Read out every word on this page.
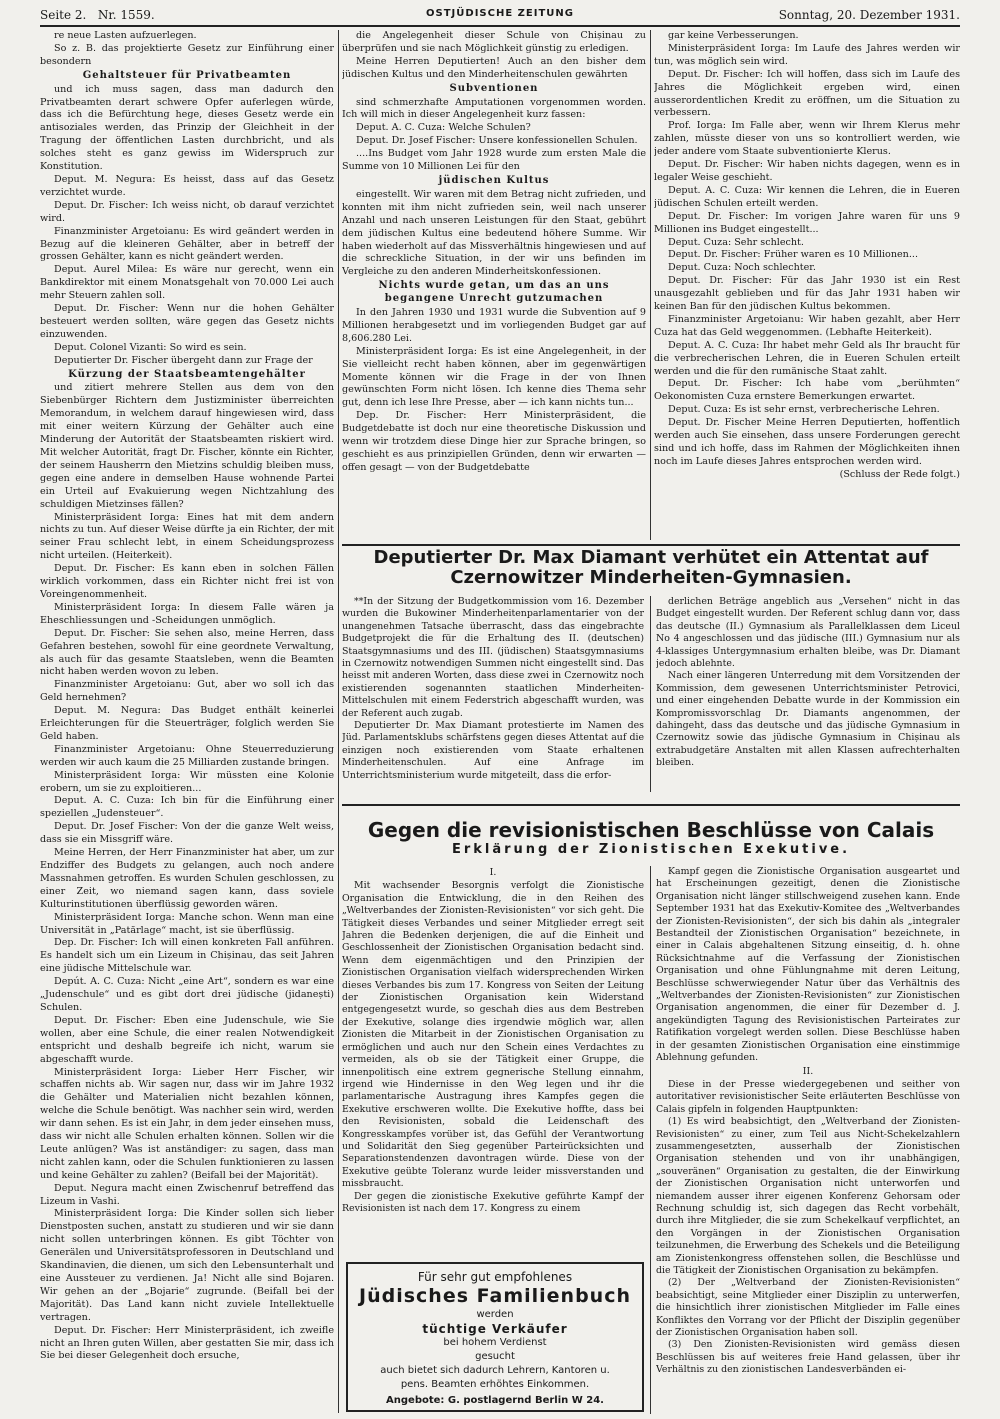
Seite 2. Nr. 1559.	OSTJÜDISCHE ZEITUNG	Sonntag, 20. Dezember 1931.

re neue Lasten aufzuerlegen.

So z. B. das projektierte Gesetz zur Einführung einer besondern

Gehaltsteuer für Privatbeamten

und ich muss sagen, dass man dadurch den Privatbeamten derart schwere Opfer auferlegen würde, dass ich die Befürchtung hege, dieses Gesetz werde ein antisoziales werden, das Prinzip der Gleichheit in der Tragung der öffentlichen Lasten durchbricht, und als solches steht es ganz gewiss im Widerspruch zur Konstitution.

Deput. M. Negura: Es heisst, dass auf das Gesetz verzichtet wurde.

Deput. Dr. Fischer: Ich weiss nicht, ob darauf verzichtet wird.

Finanzminister Argetoianu: Es wird geändert werden in Bezug auf die kleineren Gehälter, aber in betreff der grossen Gehälter, kann es nicht geändert werden.

Deput. Aurel Milea: Es wäre nur gerecht, wenn ein Bankdirektor mit einem Monatsgehalt von 70.000 Lei auch mehr Steuern zahlen soll.

Deput. Dr. Fischer: Wenn nur die hohen Gehälter besteuert werden sollten, wäre gegen das Gesetz nichts einzuwenden.

Deput. Colonel Vizanti: So wird es sein.

Deputierter Dr. Fischer übergeht dann zur Frage der

Kürzung der Staatsbeamtengehälter

und zitiert mehrere Stellen aus dem von den Siebenbürger Richtern dem Justizminister überreichten Memorandum, in welchem darauf hingewiesen wird, dass mit einer weitern Kürzung der Gehälter auch eine Minderung der Autorität der Staatsbeamten riskiert wird. Mit welcher Autorität, fragt Dr. Fischer, könnte ein Richter, der seinem Hausherrn den Mietzins schuldig bleiben muss, gegen eine andere in demselben Hause wohnende Partei ein Urteil auf Evakuierung wegen Nichtzahlung des schuldigen Mietzinses fällen?

Ministerpräsident Iorga: Eines hat mit dem andern nichts zu tun. Auf dieser Weise dürfte ja ein Richter, der mit seiner Frau schlecht lebt, in einem Scheidungsprozess nicht urteilen. (Heiterkeit).

Deput. Dr. Fischer: Es kann eben in solchen Fällen wirklich vorkommen, dass ein Richter nicht frei ist von Voreingenommenheit.

Ministerpräsident Iorga: In diesem Falle wären ja Eheschliessungen und -Scheidungen unmöglich.

Deput. Dr. Fischer: Sie sehen also, meine Herren, dass Gefahren bestehen, sowohl für eine geordnete Verwaltung, als auch für das gesamte Staatsleben, wenn die Beamten nicht haben werden wovon zu leben.

Finanzminister Argetoianu: Gut, aber wo soll ich das Geld hernehmen?

Deput. M. Negura: Das Budget enthält keinerlei Erleichterungen für die Steuerträger, folglich werden Sie Geld haben.

Finanzminister Argetoianu: Ohne Steuerreduzierung werden wir auch kaum die 25 Milliarden zustande bringen.

Ministerpräsident Iorga: Wir müssten eine Kolonie erobern, um sie zu exploitieren...

Deput. A. C. Cuza: Ich bin für die Einführung einer speziellen „Judensteuer“.

Deput. Dr. Josef Fischer: Von der die ganze Welt weiss, dass sie ein Missgriff wäre.

Meine Herren, der Herr Finanzminister hat aber, um zur Endziffer des Budgets zu gelangen, auch noch andere Massnahmen getroffen. Es wurden Schulen geschlossen, zu einer Zeit, wo niemand sagen kann, dass soviele Kulturinstitutionen überflüssig geworden wären.

Ministerpräsident Iorga: Manche schon. Wenn man eine Universität in „Patărlage“ macht, ist sie überflüssig.

Dep. Dr. Fischer: Ich will einen konkreten Fall anführen. Es handelt sich um ein Lizeum in Chișinau, das seit Jahren eine jüdische Mittelschule war.

Depút. A. C. Cuza: Nicht „eine Art“, sondern es war eine „Judenschule“ und es gibt dort drei jüdische (jidanești) Schulen.

Deput. Dr. Fischer: Eben eine Judenschule, wie Sie wollen, aber eine Schule, die einer realen Notwendigkeit entspricht und deshalb begreife ich nicht, warum sie abgeschafft wurde.

Ministerpräsident Iorga: Lieber Herr Fischer, wir schaffen nichts ab. Wir sagen nur, dass wir im Jahre 1932 die Gehälter und Materialien nicht bezahlen können, welche die Schule benötigt. Was nachher sein wird, werden wir dann sehen. Es ist ein Jahr, in dem jeder einsehen muss, dass wir nicht alle Schulen erhalten können. Sollen wir die Leute anlügen? Was ist anständiger: zu sagen, dass man nicht zahlen kann, oder die Schulen funktionieren zu lassen und keine Gehälter zu zahlen? (Beifall bei der Majorität).

Deput. Negura macht einen Zwischenruf betreffend das Lizeum in Vashi.

Ministerpräsident Iorga: Die Kinder sollen sich lieber Dienstposten suchen, anstatt zu studieren und wir sie dann nicht sollen unterbringen können. Es gibt Töchter von Generälen und Universitätsprofessoren in Deutschland und Skandinavien, die dienen, um sich den Lebensunterhalt und eine Aussteuer zu verdienen. Ja! Nicht alle sind Bojaren. Wir gehen an der „Bojarie“ zugrunde. (Beifall bei der Majorität). Das Land kann nicht zuviele Intellektuelle vertragen.

Deput. Dr. Fischer: Herr Ministerpräsident, ich zweifle nicht an Ihren guten Willen, aber gestatten Sie mir, dass ich Sie bei dieser Gelegenheit doch ersuche,

die Angelegenheit dieser Schule von Chișinau zu überprüfen und sie nach Möglichkeit günstig zu erledigen.

Meine Herren Deputierten! Auch an den bisher dem jüdischen Kultus und den Minderheitenschulen gewährten

Subventionen

sind schmerzhafte Amputationen vorgenommen worden. Ich will mich in dieser Angelegenheit kurz fassen:

Deput. A. C. Cuza: Welche Schulen?

Deput. Dr. Josef Fischer: Unsere konfessionellen Schulen.

....Ins Budget vom Jahr 1928 wurde zum ersten Male die Summe von 10 Millionen Lei für den

jüdischen Kultus

eingestellt. Wir waren mit dem Betrag nicht zufrieden, und konnten mit ihm nicht zufrieden sein, weil nach unserer Anzahl und nach unseren Leistungen für den Staat, gebührt dem jüdischen Kultus eine bedeutend höhere Summe. Wir haben wiederholt auf das Missverhältnis hingewiesen und auf die schreckliche Situation, in der wir uns befinden im Vergleiche zu den anderen Minderheitskonfessionen.

Nichts wurde getan, um das an uns begangene Unrecht gutzumachen

In den Jahren 1930 und 1931 wurde die Subvention auf 9 Millionen herabgesetzt und im vorliegenden Budget gar auf 8,606.280 Lei.

Ministerpräsident Iorga: Es ist eine Angelegenheit, in der Sie vielleicht recht haben können, aber im gegenwärtigen Momente können wir die Frage in der von Ihnen gewünschten Form nicht lösen. Ich kenne dies Thema sehr gut, denn ich lese Ihre Presse, aber — ich kann nichts tun...

Dep. Dr. Fischer: Herr Ministerpräsident, die Budgetdebatte ist doch nur eine theoretische Diskussion und wenn wir trotzdem diese Dinge hier zur Sprache bringen, so geschieht es aus prinzipiellen Gründen, denn wir erwarten — offen gesagt — von der Budgetdebatte

gar keine Verbesserungen.

Ministerpräsident Iorga: Im Laufe des Jahres werden wir tun, was möglich sein wird.

Deput. Dr. Fischer: Ich will hoffen, dass sich im Laufe des Jahres die Möglichkeit ergeben wird, einen ausserordentlichen Kredit zu eröffnen, um die Situation zu verbessern.

Prof. Iorga: Im Falle aber, wenn wir Ihrem Klerus mehr zahlen, müsste dieser von uns so kontrolliert werden, wie jeder andere vom Staate subventionierte Klerus.

Deput. Dr. Fischer: Wir haben nichts dagegen, wenn es in legaler Weise geschieht.

Deput. A. C. Cuza: Wir kennen die Lehren, die in Eueren jüdischen Schulen erteilt werden.

Deput. Dr. Fischer: Im vorigen Jahre waren für uns 9 Millionen ins Budget eingestellt...

Deput. Cuza: Sehr schlecht.

Deput. Dr. Fischer: Früher waren es 10 Millionen...

Deput. Cuza: Noch schlechter.

Deput. Dr. Fischer: Für das Jahr 1930 ist ein Rest unausgezahlt geblieben und für das Jahr 1931 haben wir keinen Ban für den jüdischen Kultus bekommen.

Finanzminister Argetoianu: Wir haben gezahlt, aber Herr Cuza hat das Geld weggenommen. (Lebhafte Heiterkeit).

Deput. A. C. Cuza: Ihr habet mehr Geld als Ihr braucht für die verbrecherischen Lehren, die in Eueren Schulen erteilt werden und die für den rumänische Staat zahlt.

Deput. Dr. Fischer: Ich habe vom „berühmten“ Oekonomisten Cuza ernstere Bemerkungen erwartet.

Deput. Cuza: Es ist sehr ernst, verbrecherische Lehren.

Deput. Dr. Fischer Meine Herren Deputierten, hoffentlich werden auch Sie einsehen, dass unsere Forderungen gerecht sind und ich hoffe, dass im Rahmen der Möglichkeiten ihnen noch im Laufe dieses Jahres entsprochen werden wird.

(Schluss der Rede folgt.)

Deputierter Dr. Max Diamant verhütet ein Attentat auf Czernowitzer Minderheiten-Gymnasien.

**In der Sitzung der Budgetkommission vom 16. Dezember wurden die Bukowiner Minderheitenparlamentarier von der unangenehmen Tatsache überrascht, dass das eingebrachte Budgetprojekt die für die Erhaltung des II. (deutschen) Staatsgymnasiums und des III. (jüdischen) Staatsgymnasiums in Czernowitz notwendigen Summen nicht eingestellt sind. Das heisst mit anderen Worten, dass diese zwei in Czernowitz noch existierenden sogenannten staatlichen Minderheiten-Mittelschulen mit einem Federstrich abgeschafft wurden, was der Referent auch zugab.

Deputierter Dr. Max Diamant protestierte im Namen des Jüd. Parlamentsklubs schärfstens gegen dieses Attentat auf die einzigen noch existierenden vom Staate erhaltenen Minderheitenschulen. Auf eine Anfrage im Unterrichtsministerium wurde mitgeteilt, dass die erfor-

derlichen Beträge angeblich aus „Versehen“ nicht in das Budget eingestellt wurden. Der Referent schlug dann vor, dass das deutsche (II.) Gymnasium als Parallelklassen dem Liceul No 4 angeschlossen und das jüdische (III.) Gymnasium nur als 4-klassiges Untergymnasium erhalten bleibe, was Dr. Diamant jedoch ablehnte.

Nach einer längeren Unterredung mit dem Vorsitzenden der Kommission, dem gewesenen Unterrichtsminister Petrovici, und einer eingehenden Debatte wurde in der Kommission ein Kompromissvorschlag Dr. Diamants angenommen, der dahingeht, dass das deutsche und das jüdische Gymnasium in Czernowitz sowie das jüdische Gymnasium in Chișinau als extrabudgetäre Anstalten mit allen Klassen aufrechterhalten bleiben.

Gegen die revisionistischen Beschlüsse von Calais
Erklärung der Zionistischen Exekutive.

I.

Mit wachsender Besorgnis verfolgt die Zionistische Organisation die Entwicklung, die in den Reihen des „Weltverbandes der Zionisten-Revisionisten“ vor sich geht. Die Tätigkeit dieses Verbandes und seiner Mitglieder erregt seit Jahren die Bedenken derjenigen, die auf die Einheit und Geschlossenheit der Zionistischen Organisation bedacht sind. Wenn dem eigenmächtigen und den Prinzipien der Zionistischen Organisation vielfach widersprechenden Wirken dieses Verbandes bis zum 17. Kongress von Seiten der Leitung der Zionistischen Organisation kein Widerstand entgegengesetzt wurde, so geschah dies aus dem Bestreben der Exekutive, solange dies irgendwie möglich war, allen Zionisten die Mitarbeit in der Zionistischen Organisation zu ermöglichen und auch nur den Schein eines Verdachtes zu vermeiden, als ob sie der Tätigkeit einer Gruppe, die innenpolitisch eine extrem gegnerische Stellung einnahm, irgend wie Hindernisse in den Weg legen und ihr die parlamentarische Austragung ihres Kampfes gegen die Exekutive erschweren wollte. Die Exekutive hoffte, dass bei den Revisionisten, sobald die Leidenschaft des Kongresskampfes vorüber ist, das Gefühl der Verantwortung und Solidarität den Sieg gegenüber Parteirücksichten und Separationstendenzen davontragen würde. Diese von der Exekutive geübte Toleranz wurde leider missverstanden und missbraucht.

Der gegen die zionistische Exekutive geführte Kampf der Revisionisten ist nach dem 17. Kongress zu einem

Kampf gegen die Zionistische Organisation ausgeartet und hat Erscheinungen gezeitigt, denen die Zionistische Organisation nicht länger stillschweigend zusehen kann. Ende September 1931 hat das Exekutiv-Komitee des „Weltverbandes der Zionisten-Revisionisten“, der sich bis dahin als „integraler Bestandteil der Zionistischen Organisation“ bezeichnete, in einer in Calais abgehaltenen Sitzung einseitig, d. h. ohne Rücksichtnahme auf die Verfassung der Zionistischen Organisation und ohne Fühlungnahme mit deren Leitung, Beschlüsse schwerwiegender Natur über das Verhältnis des „Weltverbandes der Zionisten-Revisionisten“ zur Zionistischen Organisation angenommen, die einer für Dezember d. J. angekündigten Tagung des Revisionistischen Parteirates zur Ratifikation vorgelegt werden sollen. Diese Beschlüsse haben in der gesamten Zionistischen Organisation eine einstimmige Ablehnung gefunden.

II.

Diese in der Presse wiedergegebenen und seither von autoritativer revisionistischer Seite erläuterten Beschlüsse von Calais gipfeln in folgenden Hauptpunkten:

(1) Es wird beabsichtigt, den „Weltverband der Zionisten-Revisionisten“ zu einer, zum Teil aus Nicht-Schekelzahlern zusammengesetzten, ausserhalb der Zionistischen Organisation stehenden und von ihr unabhängigen, „souveränen“ Organisation zu gestalten, die der Einwirkung der Zionistischen Organisation nicht unterworfen und niemandem ausser ihrer eigenen Konferenz Gehorsam oder Rechnung schuldig ist, sich dagegen das Recht vorbehält, durch ihre Mitglieder, die sie zum Schekelkauf verpflichtet, an den Vorgängen in der Zionistischen Organisation teilzunehmen, die Erwerbung des Schekels und die Beteiligung am Zionistenkongress offenstehen sollen, die Beschlüsse und die Tätigkeit der Zionistischen Organisation zu bekämpfen.

(2) Der „Weltverband der Zionisten-Revisionisten“ beabsichtigt, seine Mitglieder einer Disziplin zu unterwerfen, die hinsichtlich ihrer zionistischen Mitglieder im Falle eines Konfliktes den Vorrang vor der Pflicht der Disziplin gegenüber der Zionistischen Organisation haben soll.

(3) Den Zionisten-Revisionisten wird gemäss diesen Beschlüssen bis auf weiteres freie Hand gelassen, über ihr Verhältnis zu den zionistischen Landesverbänden ei-

Für sehr gut empfohlenes
Jüdisches Familienbuch
werden
tüchtige Verkäufer
bei hohem Verdienst
gesucht
auch bietet sich dadurch Lehrern, Kantoren u.
pens. Beamten erhöhtes Einkommen.
Angebote: G. postlagernd Berlin W 24.
